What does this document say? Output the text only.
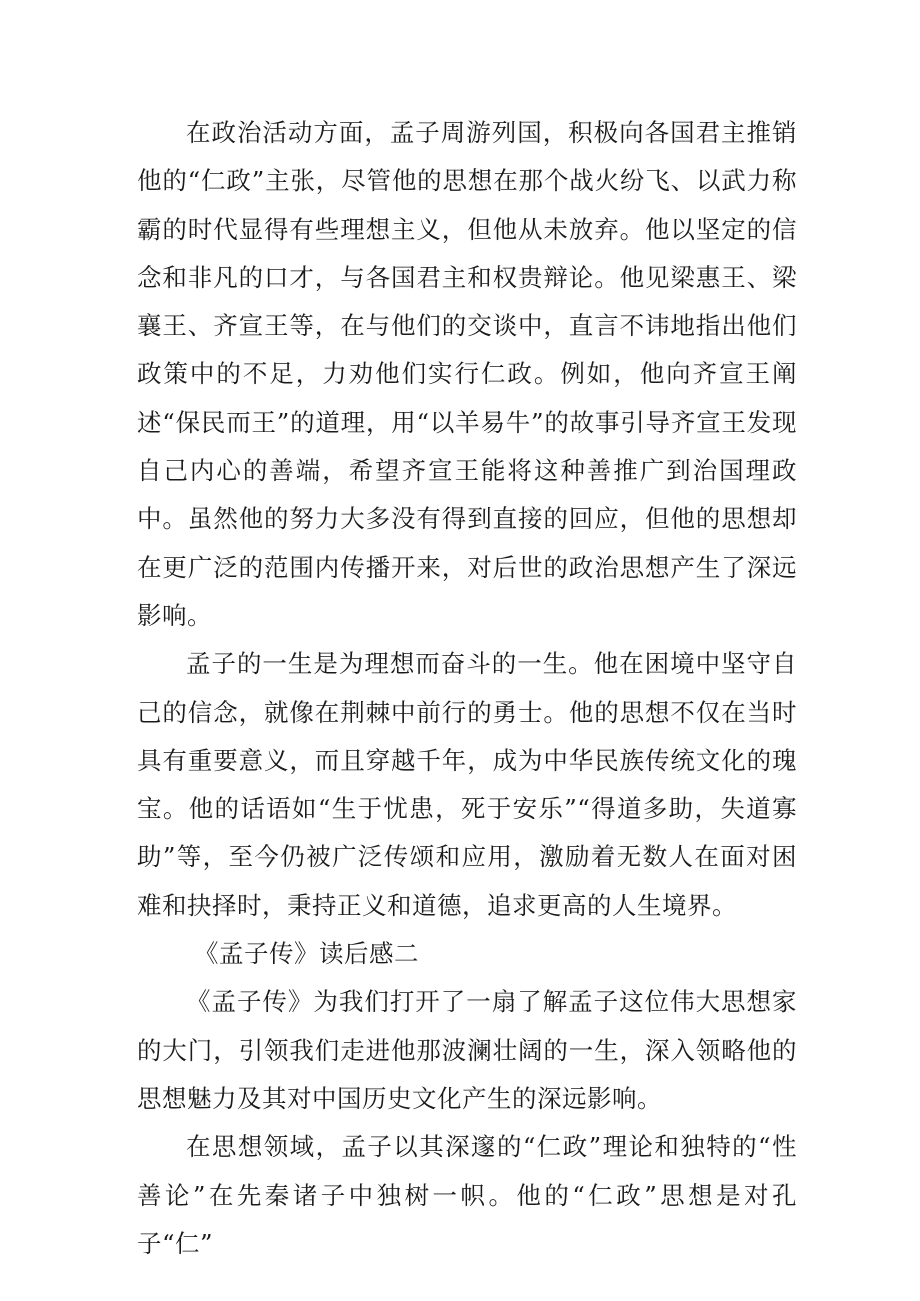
在政治活动方面，孟子周游列国，积极向各国君主推销他的“仁政”主张，尽管他的思想在那个战火纷飞、以武力称霸的时代显得有些理想主义，但他从未放弃。他以坚定的信念和非凡的口才，与各国君主和权贵辩论。他见梁惠王、梁襄王、齐宣王等，在与他们的交谈中，直言不讳地指出他们政策中的不足，力劝他们实行仁政。例如，他向齐宣王阐述“保民而王”的道理，用“以羊易牛”的故事引导齐宣王发现自己内心的善端，希望齐宣王能将这种善推广到治国理政中。虽然他的努力大多没有得到直接的回应，但他的思想却在更广泛的范围内传播开来，对后世的政治思想产生了深远影响。

孟子的一生是为理想而奋斗的一生。他在困境中坚守自己的信念，就像在荆棘中前行的勇士。他的思想不仅在当时具有重要意义，而且穿越千年，成为中华民族传统文化的瑰宝。他的话语如“生于忧患，死于安乐”“得道多助，失道寡助”等，至今仍被广泛传颂和应用，激励着无数人在面对困难和抉择时，秉持正义和道德，追求更高的人生境界。

《孟子传》读后感二

《孟子传》为我们打开了一扇了解孟子这位伟大思想家的大门，引领我们走进他那波澜壮阔的一生，深入领略他的思想魅力及其对中国历史文化产生的深远影响。

在思想领域，孟子以其深邃的“仁政”理论和独特的“性善论”在先秦诸子中独树一帜。他的“仁政”思想是对孔子“仁”
